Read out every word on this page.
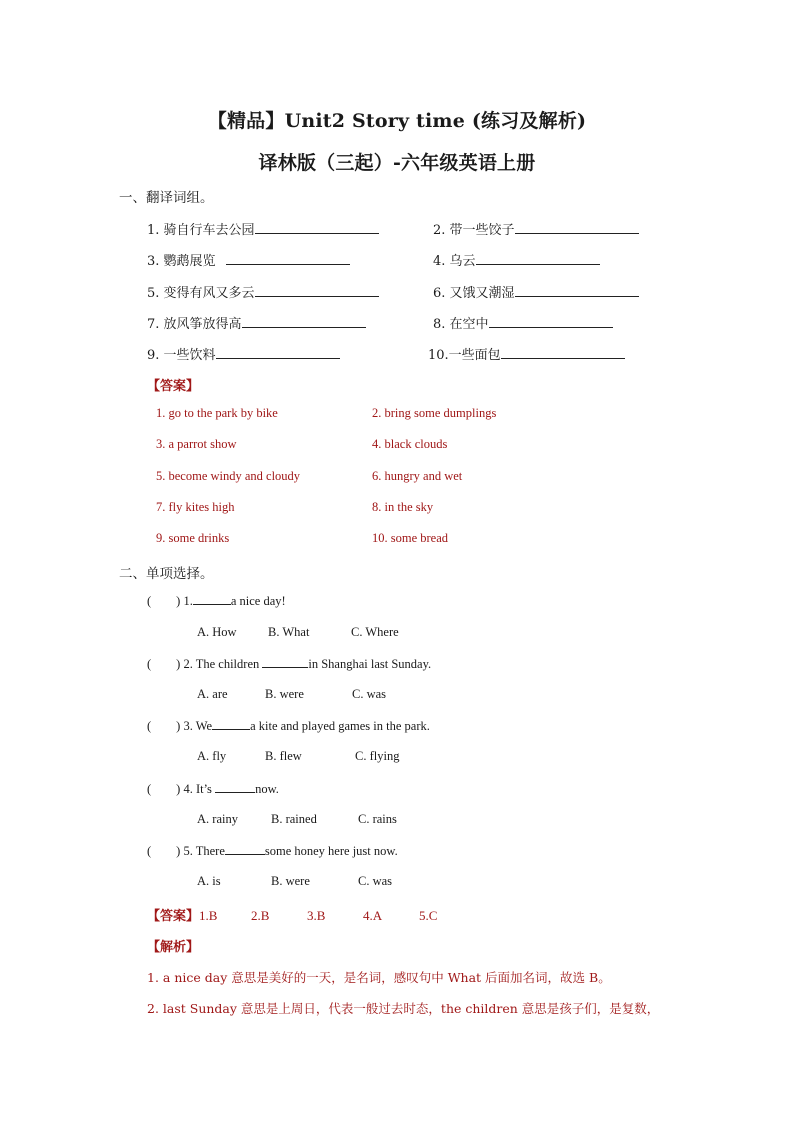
【精品】Unit2 Story time (练习及解析)
译林版（三起）-六年级英语上册
一、翻译词组。
1. 骑自行车去公园	2. 带一些饺子
3. 鹦鹉展览	4. 乌云
5. 变得有风又多云	6. 又饿又潮湿
7. 放风筝放得高	8. 在空中
9. 一些饮料	10.一些面包
【答案】
1. go to the park by bike	2. bring some dumplings
3. a parrot show	4. black clouds
5. become windy and cloudy	6. hungry and wet
7. fly kites high	8. in the sky
9. some drinks	10. some bread
二、单项选择。
(        ) 1.	a nice day!
A. How	B. What	C. Where
(        ) 2. The children	in Shanghai last Sunday.
A. are	B. were	C. was
(        ) 3. We	a kite and played games in the park.
A. fly	B. flew	C. flying
(        ) 4. It’s	now.
A. rainy	B. rained	C. rains
(        ) 5. There	some honey here just now.
A. is	B. were	C. was
【答案】1.B	2.B	3.B	4.A	5.C
【解析】
1. a nice day 意思是美好的一天，是名词，感叹句中 What 后面加名词，故选 B。
2. last Sunday 意思是上周日，代表一般过去时态，the children 意思是孩子们，是复数，
